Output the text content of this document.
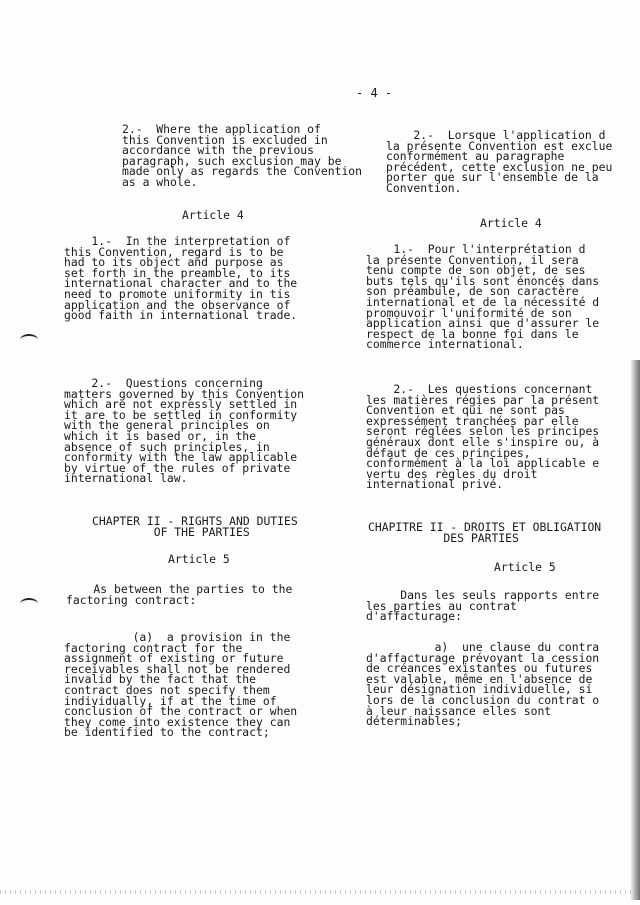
- 4 -
2.-  Where the application of
this Convention is excluded in
accordance with the previous
paragraph, such exclusion may be
made only as regards the Convention
as a whole.
Article 4
1.-  In the interpretation of
this Convention, regard is to be
had to its object and purpose as
set forth in the preamble, to its
international character and to the
need to promote uniformity in tis
application and the observance of
good faith in international trade.
2.-  Questions concerning
matters governed by this Convention
which are not expressly settled in
it are to be settled in conformity
with the general principles on
which it is based or, in the
absence of such principles, in
conformity with the law applicable
by virtue of the rules of private
international law.
CHAPTER II - RIGHTS AND DUTIES
OF THE PARTIES
Article 5
As between the parties to the
factoring contract:
(a)  a provision in the
factoring contract for the
assignment of existing or future
receivables shall not be rendered
invalid by the fact that the
contract does not specify them
individually, if at the time of
conclusion of the contract or when
they come into existence they can
be identified to the contract;
2.-  Lorsque l'application d
la présente Convention est exclue
conformément au paragraphe
précédent, cette exclusion ne peu
porter que sur l'ensemble de la
Convention.
Article 4
1.-  Pour l'interprétation d
la présente Convention, il sera
tenu compte de son objet, de ses
buts tels qu'ils sont énoncés dans
son préambule, de son caractère
international et de la nécessité d
promouvoir l'uniformité de son
application ainsi que d'assurer le
respect de la bonne foi dans le
commerce international.
2.-  Les questions concernant
les matières régies par la présent
Convention et qui ne sont pas
expressément tranchées par elle
seront réglées selon les principes
généraux dont elle s'inspire ou, à
défaut de ces principes,
conformément à la loi applicable e
vertu des règles du droit
international privé.
CHAPITRE II - DROITS ET OBLIGATION
DES PARTIES
Article 5
Dans les seuls rapports entre
les parties au contrat
d'affacturage:
a)  une clause du contra
d'affacturage prévoyant la cession
de créances existantes ou futures
est valable, même en l'absence de
leur désignation individuelle, si
lors de la conclusion du contrat o
à leur naissance elles sont
déterminables;
